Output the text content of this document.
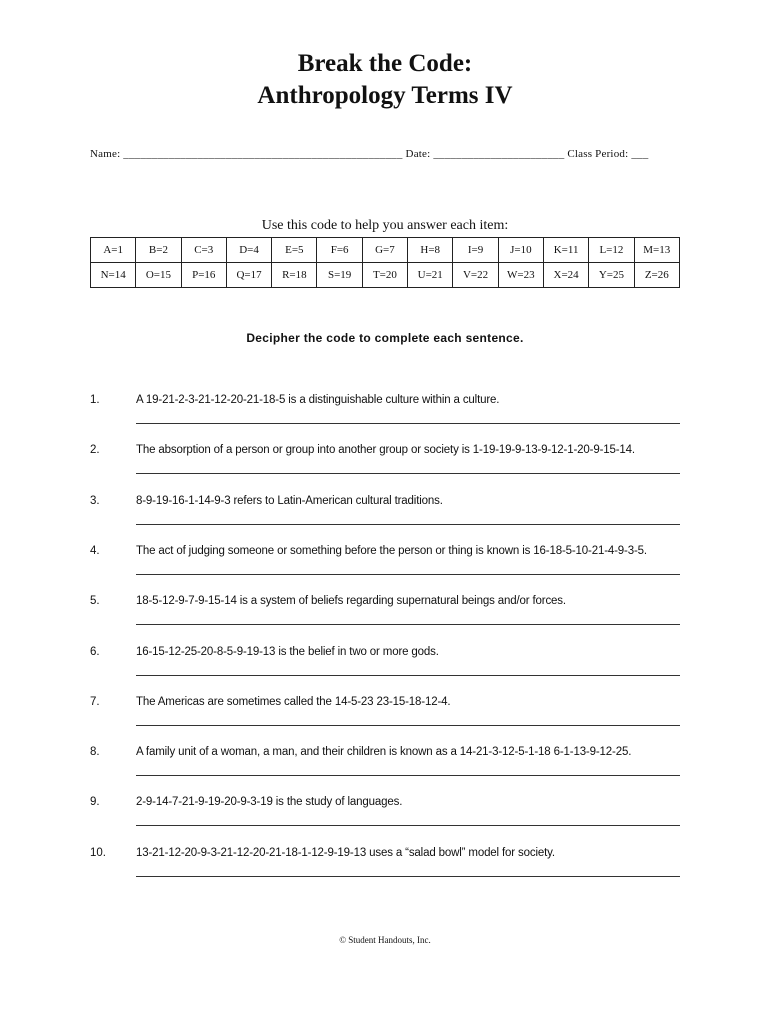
Break the Code:
Anthropology Terms IV
Name: _________________________________________________ Date: _______________________ Class Period: ___
Use this code to help you answer each item:
A=1	B=2	C=3	D=4	E=5	F=6	G=7	H=8	I=9	J=10	K=11	L=12	M=13
N=14	O=15	P=16	Q=17	R=18	S=19	T=20	U=21	V=22	W=23	X=24	Y=25	Z=26
Decipher the code to complete each sentence.
1.	A 19-21-2-3-21-12-20-21-18-5 is a distinguishable culture within a culture.
2.	The absorption of a person or group into another group or society is 1-19-19-9-13-9-12-1-20-9-15-14.
3.	8-9-19-16-1-14-9-3 refers to Latin-American cultural traditions.
4.	The act of judging someone or something before the person or thing is known is 16-18-5-10-21-4-9-3-5.
5.	18-5-12-9-7-9-15-14 is a system of beliefs regarding supernatural beings and/or forces.
6.	16-15-12-25-20-8-5-9-19-13 is the belief in two or more gods.
7.	The Americas are sometimes called the 14-5-23 23-15-18-12-4.
8.	A family unit of a woman, a man, and their children is known as a 14-21-3-12-5-1-18 6-1-13-9-12-25.
9.	2-9-14-7-21-9-19-20-9-3-19 is the study of languages.
10.	13-21-12-20-9-3-21-12-20-21-18-1-12-9-19-13 uses a “salad bowl” model for society.
© Student Handouts, Inc.
